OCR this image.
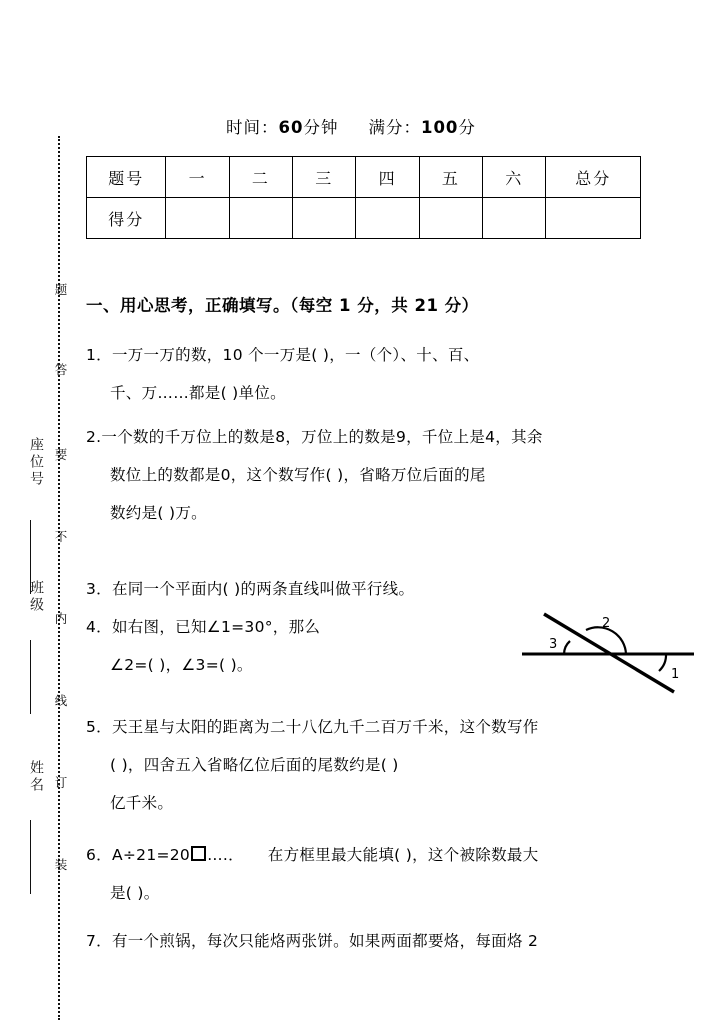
题
答
要
不
内
线
订
装
座位号
班级
姓名
时间：60分钟 满分：100分
题号	一	二	三	四	五	六	总分
得分							
一、用心思考，正确填写。（每空 1 分，共 21 分）
1．一万一万的数，10 个一万是( )，一（个）、十、百、
千、万……都是( )单位。
2.一个数的千万位上的数是8，万位上的数是9，千位上是4，其余
数位上的数都是0，这个数写作( )，省略万位后面的尾
数约是( )万。
3．在同一个平面内( )的两条直线叫做平行线。
4．如右图，已知∠1=30°，那么
∠2=( )，∠3=( )。
3
2
1
5．天王星与太阳的距离为二十八亿九千二百万千米，这个数写作
( )，四舍五入省略亿位后面的尾数约是( )
亿千米。
6．A÷21=20 ….．　　在方框里最大能填( )，这个被除数最大
是( )。
7．有一个煎锅，每次只能烙两张饼。如果两面都要烙，每面烙 2
